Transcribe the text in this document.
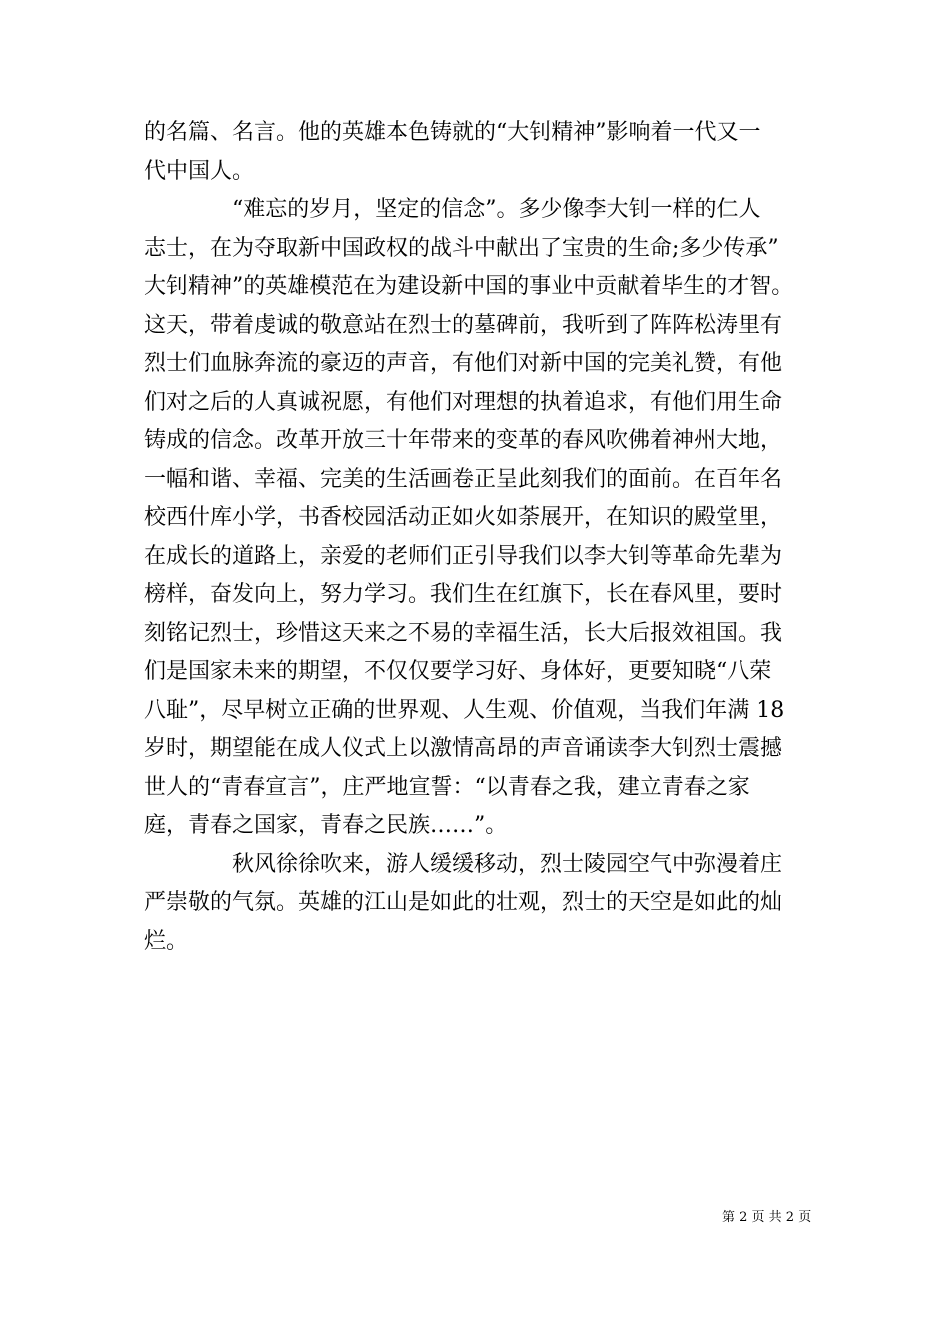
的名篇、名言。他的英雄本色铸就的“大钊精神”影响着一代又一
代中国人。
　　　　“难忘的岁月，坚定的信念”。多少像李大钊一样的仁人
志士，在为夺取新中国政权的战斗中献出了宝贵的生命;多少传承”
大钊精神”的英雄模范在为建设新中国的事业中贡献着毕生的才智。
这天，带着虔诚的敬意站在烈士的墓碑前，我听到了阵阵松涛里有
烈士们血脉奔流的豪迈的声音，有他们对新中国的完美礼赞，有他
们对之后的人真诚祝愿，有他们对理想的执着追求，有他们用生命
铸成的信念。改革开放三十年带来的变革的春风吹佛着神州大地，
一幅和谐、幸福、完美的生活画卷正呈此刻我们的面前。在百年名
校西什库小学，书香校园活动正如火如荼展开，在知识的殿堂里，
在成长的道路上，亲爱的老师们正引导我们以李大钊等革命先辈为
榜样，奋发向上，努力学习。我们生在红旗下，长在春风里，要时
刻铭记烈士，珍惜这天来之不易的幸福生活，长大后报效祖国。我
们是国家未来的期望，不仅仅要学习好、身体好，更要知晓“八荣
八耻”，尽早树立正确的世界观、人生观、价值观，当我们年满 18
岁时，期望能在成人仪式上以激情高昂的声音诵读李大钊烈士震撼
世人的“青春宣言”，庄严地宣誓：“以青春之我，建立青春之家
庭，青春之国家，青春之民族……”。
　　　　秋风徐徐吹来，游人缓缓移动，烈士陵园空气中弥漫着庄
严崇敬的气氛。英雄的江山是如此的壮观，烈士的天空是如此的灿
烂。
第 2 页 共 2 页
